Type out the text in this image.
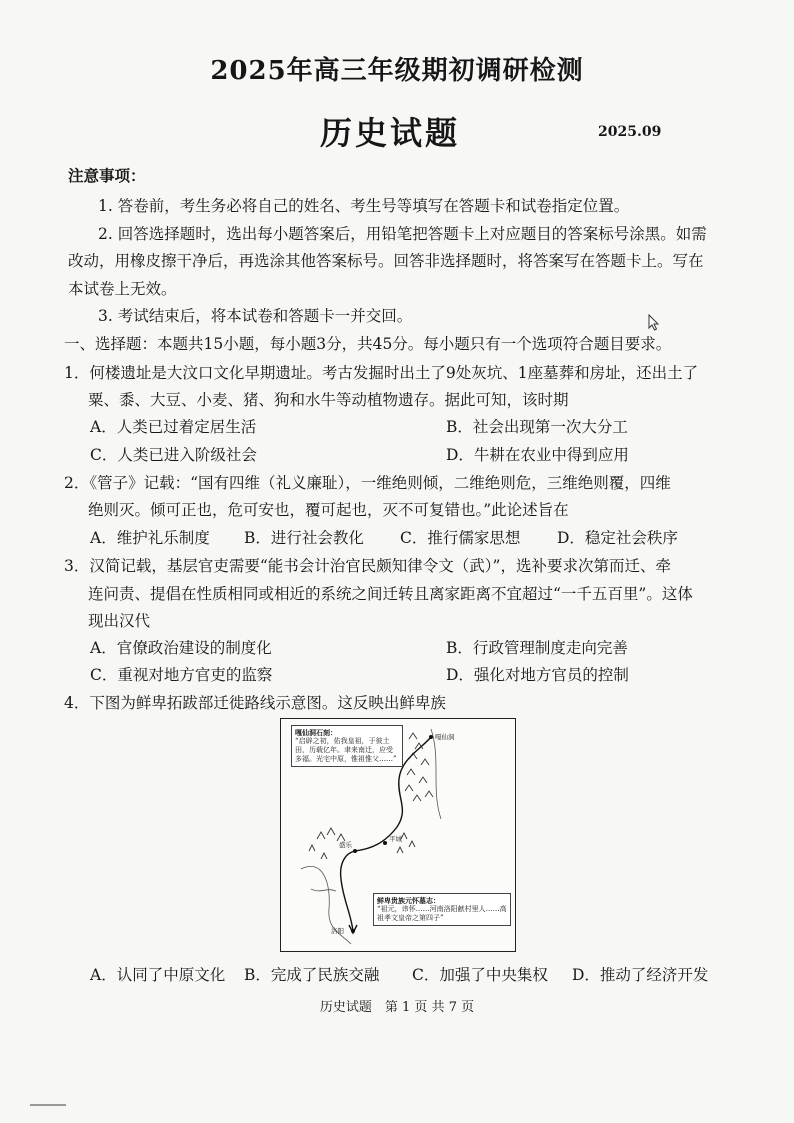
2025年高三年级期初调研检测
历史试题	2025.09
注意事项：
1. 答卷前，考生务必将自己的姓名、考生号等填写在答题卡和试卷指定位置。
2. 回答选择题时，选出每小题答案后，用铅笔把答题卡上对应题目的答案标号涂黑。如需
改动，用橡皮擦干净后，再选涂其他答案标号。回答非选择题时，将答案写在答题卡上。写在
本试卷上无效。
3. 考试结束后，将本试卷和答题卡一并交回。
一、选择题：本题共15小题，每小题3分，共45分。每小题只有一个选项符合题目要求。
1．何楼遗址是大汶口文化早期遗址。考古发掘时出土了9处灰坑、1座墓葬和房址，还出土了
粟、黍、大豆、小麦、猪、狗和水牛等动植物遗存。据此可知，该时期
A．人类已过着定居生活	B．社会出现第一次大分工
C．人类已进入阶级社会	D．牛耕在农业中得到应用
2．《管子》记载：“国有四维（礼义廉耻），一维绝则倾，二维绝则危，三维绝则覆，四维
绝则灭。倾可正也，危可安也，覆可起也，灭不可复错也。”此论述旨在
A．维护礼乐制度 B．进行社会教化 C．推行儒家思想 D．稳定社会秩序
3．汉简记载，基层官吏需要“能书会计治官民颇知律令文（武）”，选补要求次第而迁、牵
连问责、提倡在性质相同或相近的系统之间迁转且离家距离不宜超过“一千五百里”。这体
现出汉代
A．官僚政治建设的制度化	B．行政管理制度走向完善
C．重视对地方官吏的监察	D．强化对地方官员的控制
4．下图为鲜卑拓跋部迁徙路线示意图。这反映出鲜卑族
嘎仙洞
盛乐
平城
洛阳
嘎仙洞石刻：
“启辟之初，佑我皇祖，于彼土田，历载亿年。聿来南迁，应受多福。光宅中原，惟祖惟父……”
鲜卑贵族元怀墓志：
“祖元，讳怀……河南洛阳献村里人……高祖孝文皇帝之第四子”
A．认同了中原文化 B．完成了民族交融 C．加强了中央集权 D．推动了经济开发
历史试题　第 1 页 共 7 页
